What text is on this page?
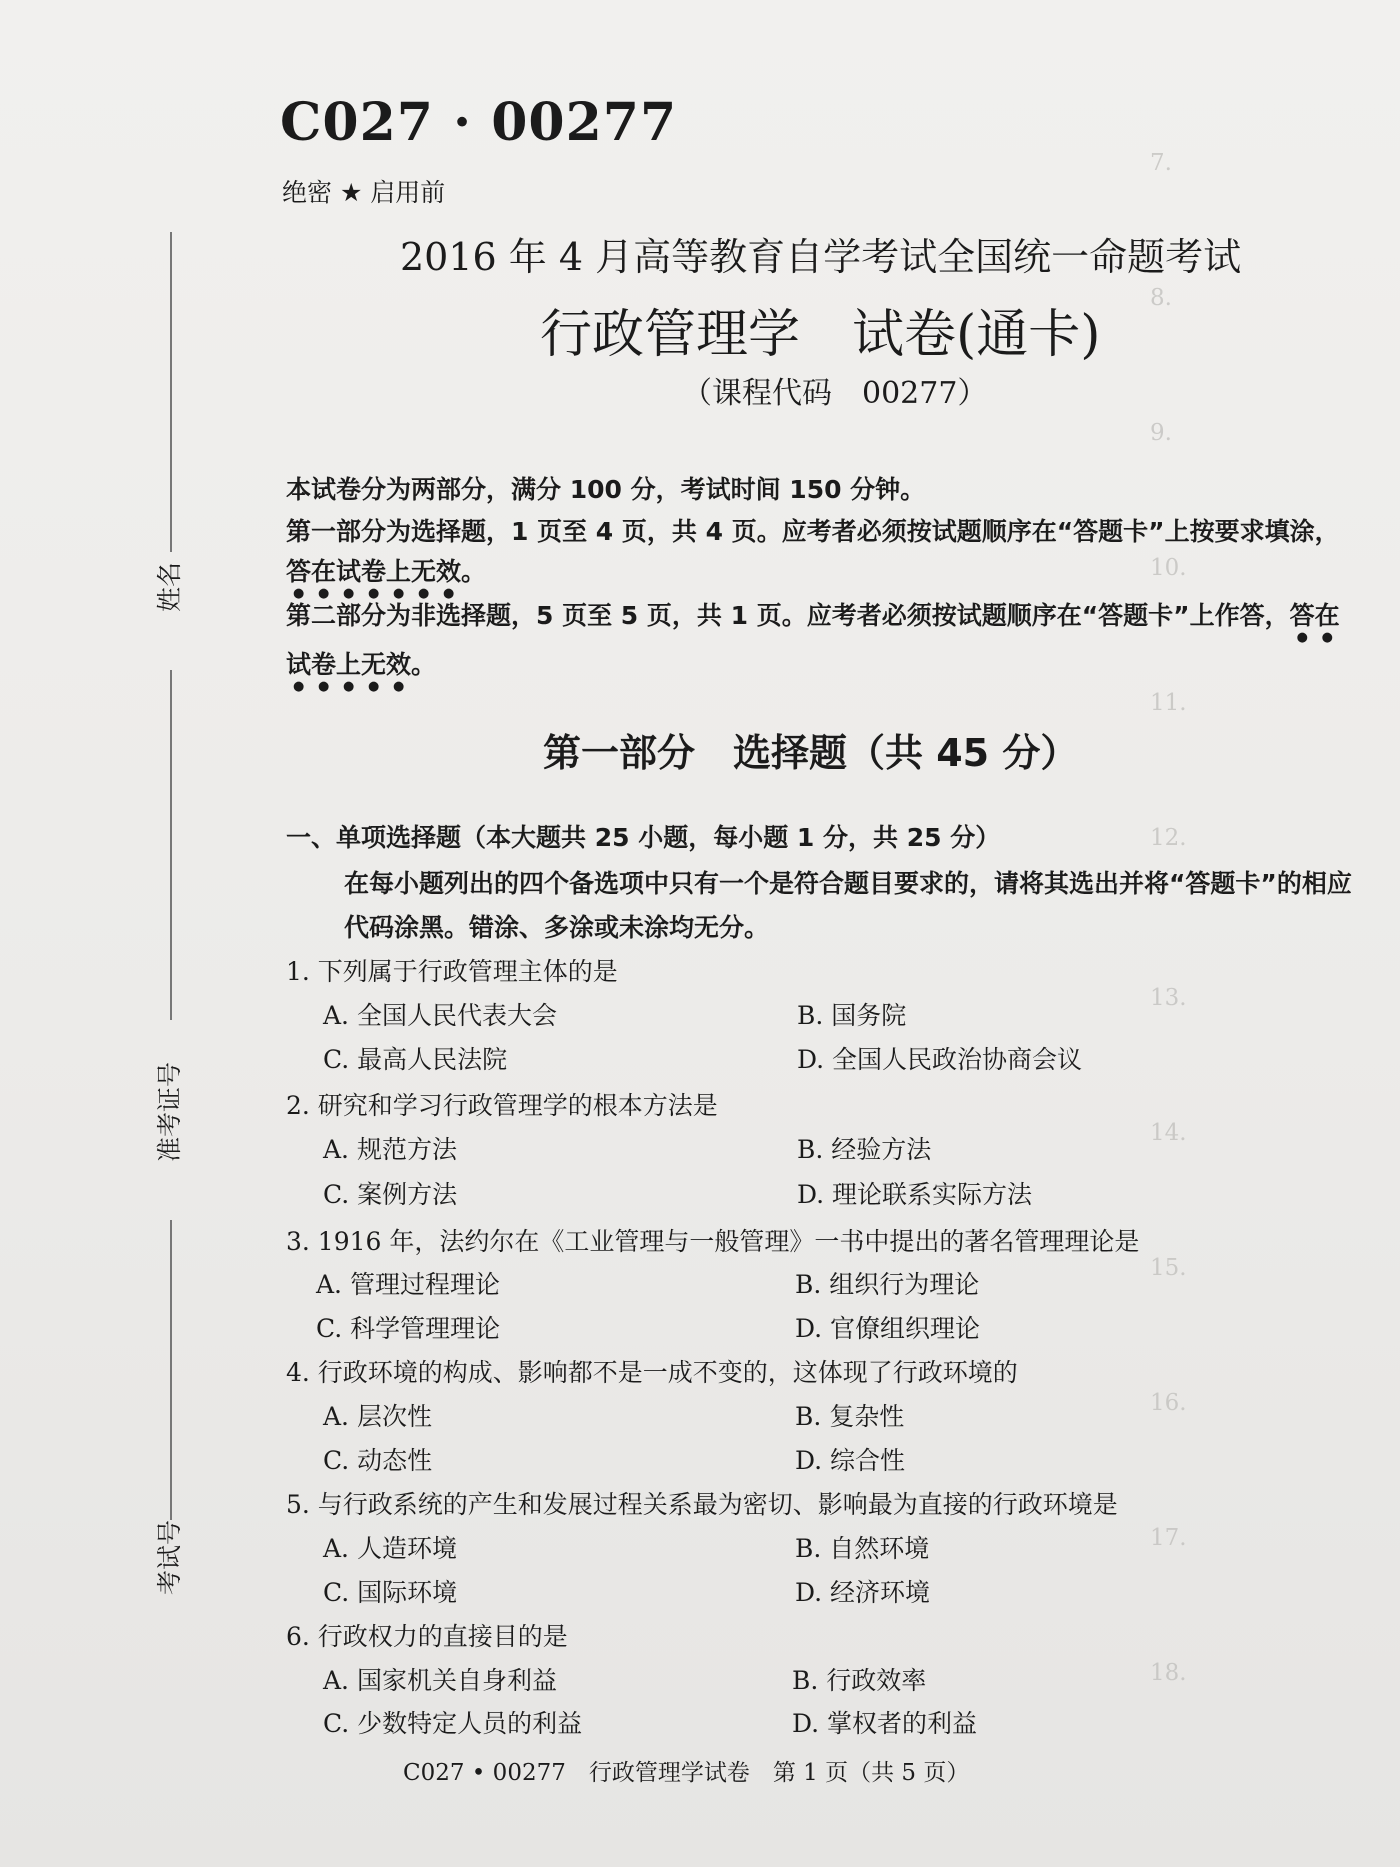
7.
8.
9.
10.
11.
12.
13.
14.
15.
16.
17.
18.
姓名
准考证号
考试号
C027 · 00277
绝密 ★ 启用前
2016 年 4 月高等教育自学考试全国统一命题考试
行政管理学　试卷(通卡)
（课程代码　00277）
本试卷分为两部分，满分 100 分，考试时间 150 分钟。
第一部分为选择题，1 页至 4 页，共 4 页。应考者必须按试题顺序在“答题卡”上按要求填涂，答在试卷上无效。
第二部分为非选择题，5 页至 5 页，共 1 页。应考者必须按试题顺序在“答题卡”上作答，答在试卷上无效。
第一部分　选择题（共 45 分）
一、单项选择题（本大题共 25 小题，每小题 1 分，共 25 分）
在每小题列出的四个备选项中只有一个是符合题目要求的，请将其选出并将“答题卡”的相应代码涂黑。错涂、多涂或未涂均无分。
1. 下列属于行政管理主体的是
A. 全国人民代表大会	B. 国务院
C. 最高人民法院	D. 全国人民政治协商会议
2. 研究和学习行政管理学的根本方法是
A. 规范方法	B. 经验方法
C. 案例方法	D. 理论联系实际方法
3. 1916 年，法约尔在《工业管理与一般管理》一书中提出的著名管理理论是
A. 管理过程理论	B. 组织行为理论
C. 科学管理理论	D. 官僚组织理论
4. 行政环境的构成、影响都不是一成不变的，这体现了行政环境的
A. 层次性	B. 复杂性
C. 动态性	D. 综合性
5. 与行政系统的产生和发展过程关系最为密切、影响最为直接的行政环境是
A. 人造环境	B. 自然环境
C. 国际环境	D. 经济环境
6. 行政权力的直接目的是
A. 国家机关自身利益	B. 行政效率
C. 少数特定人员的利益	D. 掌权者的利益
C027 • 00277　行政管理学试卷　第 1 页（共 5 页）
